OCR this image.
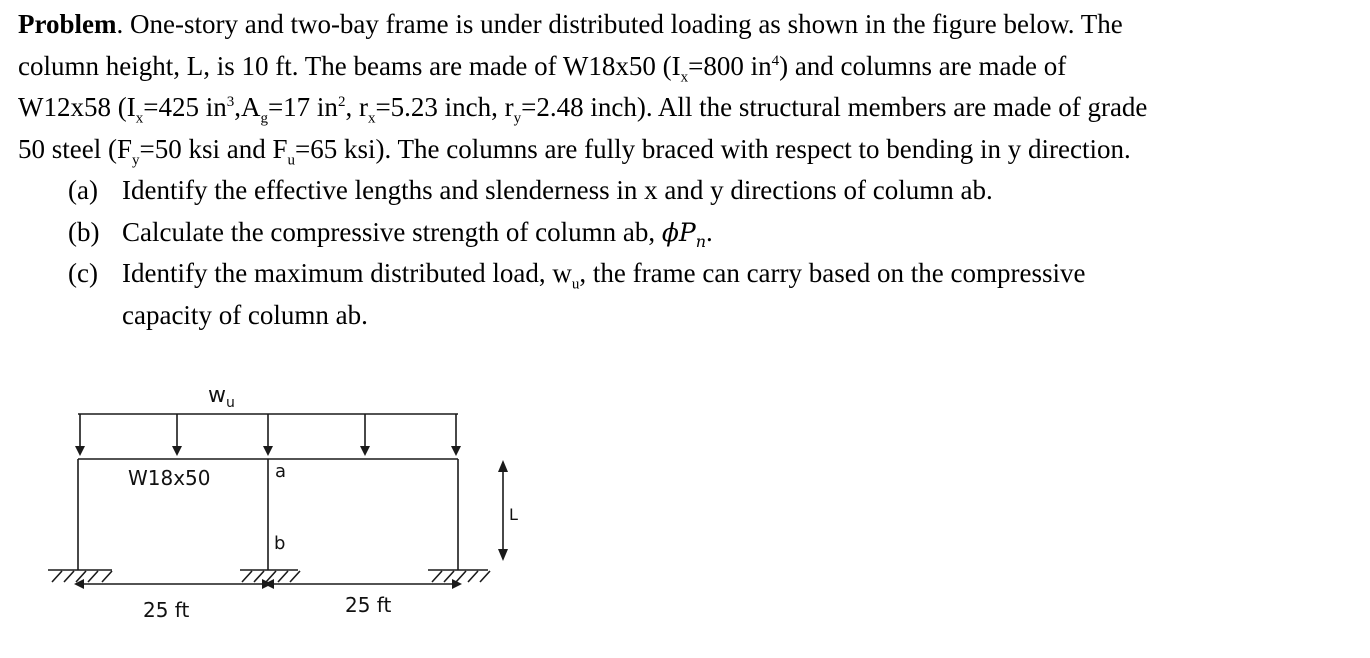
Problem. One-story and two-bay frame is under distributed loading as shown in the figure below. The

column height, L, is 10 ft. The beams are made of W18x50 ($I_x=800$ $in^4$) and columns are made of

W12x58 ($I_x=425$ $in^3,A_g=17$ $in^2$, $r_x=5.23$ inch, $r_y=2.48$ inch). All the structural members are made of grade

50 steel ($F_y=50$ ksi and $F_u=65$ ksi). The columns are fully braced with respect to bending in y direction.

(a) Identify the effective lengths and slenderness in x and y directions of column ab.
(b) Calculate the compressive strength of column ab, $\phi P_n$.
(c) Identify the maximum distributed load, $w_u$, the frame can carry based on the compressive
capacity of column ab.
$w_u$
W18x50	a
b
L
25 ft	25 ft
